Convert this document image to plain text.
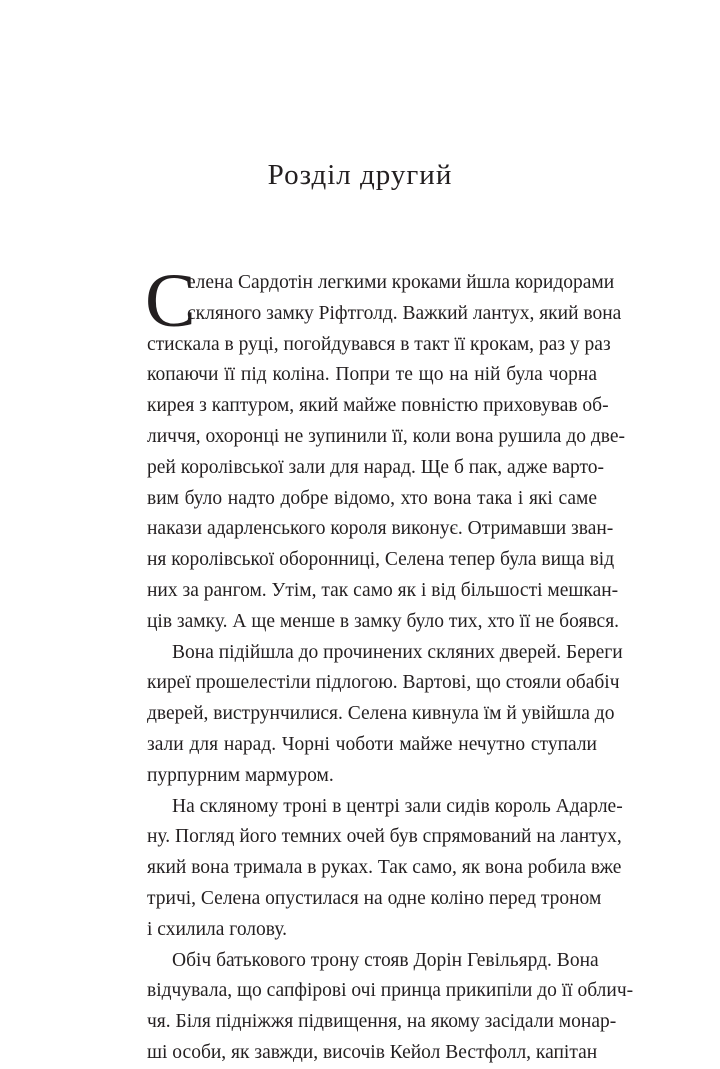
Розділ другий
С
елена Сардотін легкими кроками йшла коридорами
скляного замку Ріфтголд. Важкий лантух, який вона
стискала в руці, погойдувався в такт її крокам, раз у раз
копаючи її під коліна. Попри те що на ній була чорна
кирея з каптуром, який майже повністю приховував об-
личчя, охоронці не зупинили її, коли вона рушила до две-
рей королівської зали для нарад. Ще б пак, адже варто-
вим було надто добре відомо, хто вона така і які саме
накази адарленського короля виконує. Отримавши зван-
ня королівської оборонниці, Селена тепер була вища від
них за рангом. Утім, так само як і від більшості мешкан-
ців замку. А ще менше в замку було тих, хто її не боявся.
Вона підійшла до прочинених скляних дверей. Береги
киреї прошелестіли підлогою. Вартові, що стояли обабіч
дверей, виструнчилися. Селена кивнула їм й увійшла до
зали для нарад. Чорні чоботи майже нечутно ступали
пурпурним мармуром.
На скляному троні в центрі зали сидів король Адарле-
ну. Погляд його темних очей був спрямований на лантух,
який вона тримала в руках. Так само, як вона робила вже
тричі, Селена опустилася на одне коліно перед троном
і схилила голову.
Обіч батькового трону стояв Дорін Гевільярд. Вона
відчувала, що сапфірові очі принца прикипіли до її облич-
чя. Біля підніжжя підвищення, на якому засідали монар-
ші особи, як завжди, височів Кейол Вестфолл, капітан
